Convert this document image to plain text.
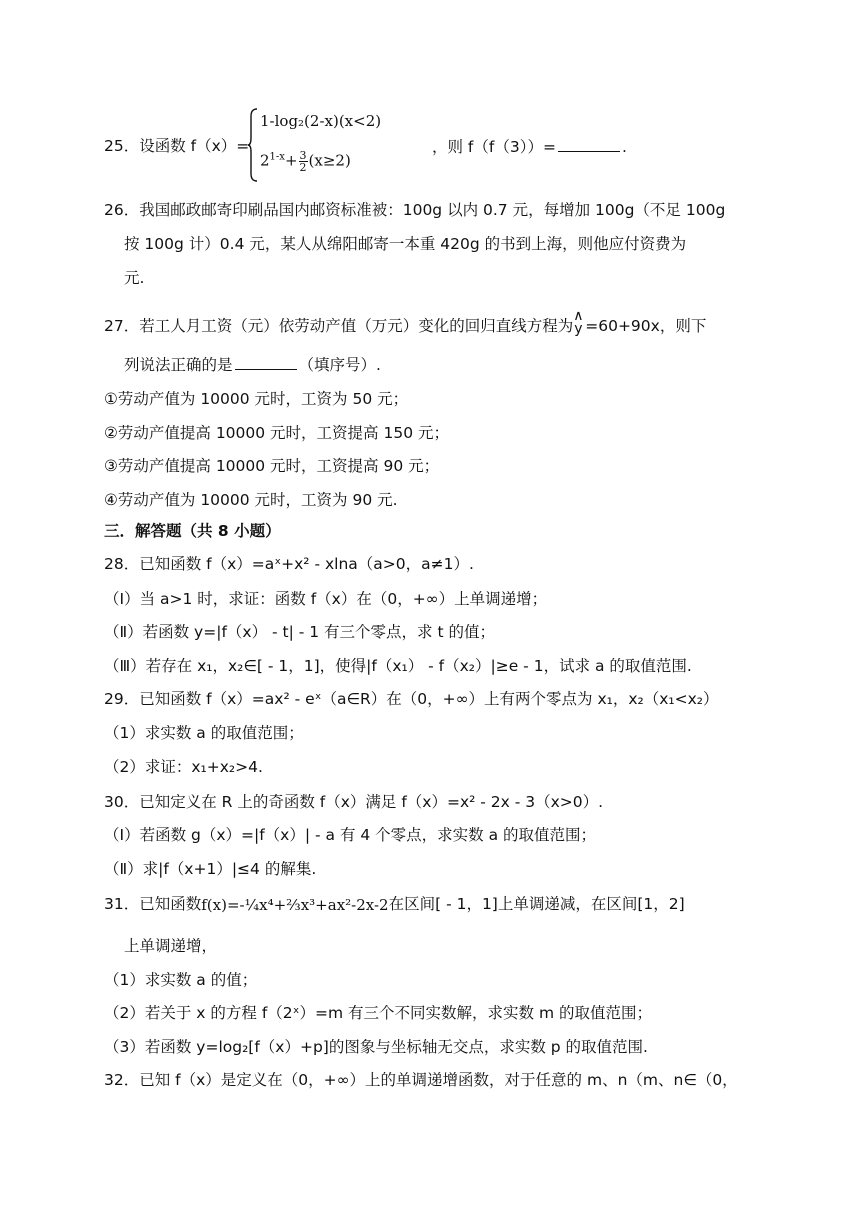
25．设函数 f（x）=
1-log₂(2-x)(x<2)
$2^{1-x}+ \frac{3}{2} (x\ge 2)$
，则 f（f（3））=	.
26．我国邮政邮寄印刷品国内邮资标准被：100g 以内 0.7 元，每增加 100g（不足 100g
按 100g 计）0.4 元，某人从绵阳邮寄一本重 420g 的书到上海，则他应付资费为
元.
27．若工人月工资（元）依劳动产值（万元）变化的回归直线方程为
∧
y =60+90x，则下
列说法正确的是	（填序号）.
①劳动产值为 10000 元时，工资为 50 元；
②劳动产值提高 10000 元时，工资提高 150 元；
③劳动产值提高 10000 元时，工资提高 90 元；
④劳动产值为 10000 元时，工资为 90 元.
三．解答题（共 8 小题）
28．已知函数 f（x）=aˣ+x² - xlna（a>0，a≠1）.
（Ⅰ）当 a>1 时，求证：函数 f（x）在（0，+∞）上单调递增；
（Ⅱ）若函数 y=|f（x） - t| - 1 有三个零点，求 t 的值；
（Ⅲ）若存在 x₁，x₂∈[ - 1，1]，使得|f（x₁） - f（x₂）|≥e - 1，试求 a 的取值范围.
29．已知函数 f（x）=ax² - eˣ（a∈R）在（0，+∞）上有两个零点为 x₁，x₂（x₁<x₂）
（1）求实数 a 的取值范围；
（2）求证：x₁+x₂>4.
30．已知定义在 R 上的奇函数 f（x）满足 f（x）=x² - 2x - 3（x>0）.
（Ⅰ）若函数 g（x）=|f（x）| - a 有 4 个零点，求实数 a 的取值范围；
（Ⅱ）求|f（x+1）|≤4 的解集.
31．已知函数f(x)=-¼x⁴+⅔x³+ax²-2x-2在区间[ - 1，1]上单调递减，在区间[1，2]
上单调递增，
（1）求实数 a 的值；
（2）若关于 x 的方程 f（2ˣ）=m 有三个不同实数解，求实数 m 的取值范围；
（3）若函数 y=log₂[f（x）+p]的图象与坐标轴无交点，求实数 p 的取值范围.
32．已知 f（x）是定义在（0，+∞）上的单调递增函数，对于任意的 m、n（m、n∈（0，
